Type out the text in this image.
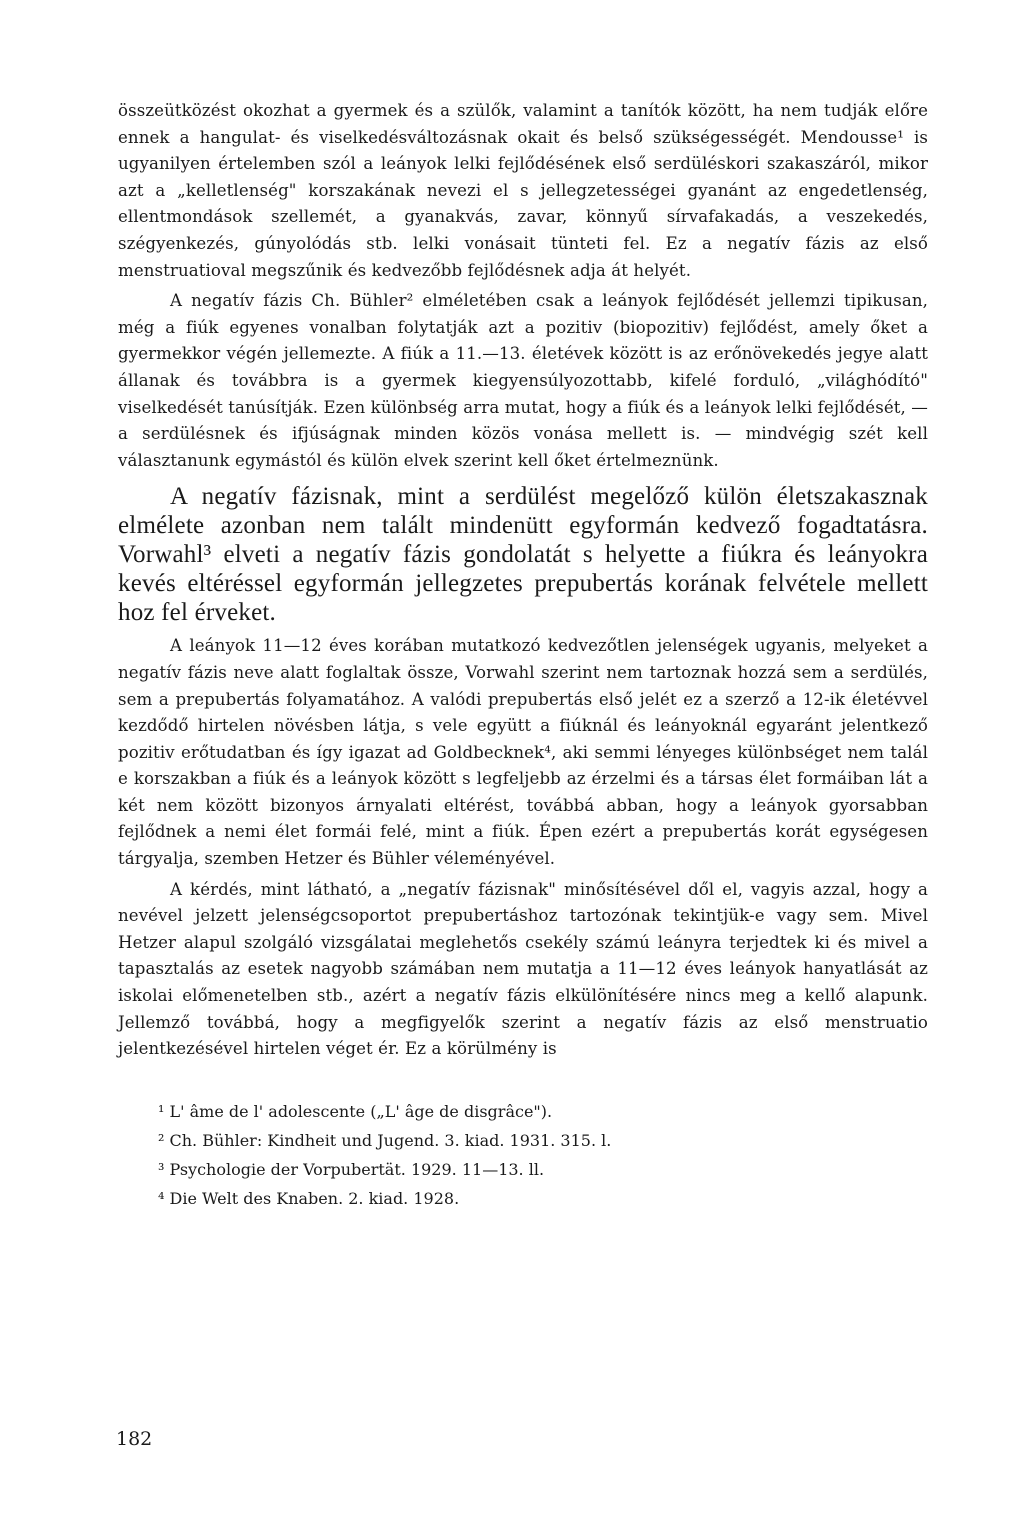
összeütközést okozhat a gyermek és a szülők, valamint a tanítók között, ha nem tudják előre ennek a hangulat- és viselkedésváltozásnak okait és belső szükségességét. Mendousse¹ is ugyanilyen értelemben szól a leányok lelki fejlődésének első serdüléskori szakaszáról, mikor azt a „kelletlenség" korszakának nevezi el s jellegzetességei gyanánt az engedetlenség, ellentmondások szellemét, a gyanakvás, zavar, könnyű sírvafakadás, a veszekedés, szégyenkezés, gúnyolódás stb. lelki vonásait tünteti fel. Ez a negatív fázis az első menstruatioval megszűnik és kedvezőbb fejlődésnek adja át helyét.

A negatív fázis Ch. Bühler² elméletében csak a leányok fejlődését jellemzi tipikusan, még a fiúk egyenes vonalban folytatják azt a pozitiv (biopozitiv) fejlődést, amely őket a gyermekkor végén jellemezte. A fiúk a 11.—13. életévek között is az erőnövekedés jegye alatt állanak és továbbra is a gyermek kiegyensúlyozottabb, kifelé forduló, „világhódító" viselkedését tanúsítják. Ezen különbség arra mutat, hogy a fiúk és a leányok lelki fejlődését, — a serdülésnek és ifjúságnak minden közös vonása mellett is. — mindvégig szét kell választanunk egymástól és külön elvek szerint kell őket értelmeznünk.

A negatív fázisnak, mint a serdülést megelőző külön életszakasznak elmélete azonban nem talált mindenütt egyformán kedvező fogadtatásra. Vorwahl³ elveti a negatív fázis gondolatát s helyette a fiúkra és leányokra kevés eltéréssel egyformán jellegzetes prepubertás korának felvétele mellett hoz fel érveket.

A leányok 11—12 éves korában mutatkozó kedvezőtlen jelenségek ugyanis, melyeket a negatív fázis neve alatt foglaltak össze, Vorwahl szerint nem tartoznak hozzá sem a serdülés, sem a prepubertás folyamatához. A valódi prepubertás első jelét ez a szerző a 12-ik életévvel kezdődő hirtelen növésben látja, s vele együtt a fiúknál és leányoknál egyaránt jelentkező pozitiv erőtudatban és így igazat ad Goldbecknek⁴, aki semmi lényeges különbséget nem talál e korszakban a fiúk és a leányok között s legfeljebb az érzelmi és a társas élet formáiban lát a két nem között bizonyos árnyalati eltérést, továbbá abban, hogy a leányok gyorsabban fejlődnek a nemi élet formái felé, mint a fiúk. Épen ezért a prepubertás korát egységesen tárgyalja, szemben Hetzer és Bühler véleményével.

A kérdés, mint látható, a „negatív fázisnak" minősítésével dől el, vagyis azzal, hogy a nevével jelzett jelenségcsoportot prepubertáshoz tartozónak tekintjük-e vagy sem. Mivel Hetzer alapul szolgáló vizsgálatai meglehetős csekély számú leányra terjedtek ki és mivel a tapasztalás az esetek nagyobb számában nem mutatja a 11—12 éves leányok hanyatlását az iskolai előmenetelben stb., azért a negatív fázis elkülönítésére nincs meg a kellő alapunk. Jellemző továbbá, hogy a megfigyelők szerint a negatív fázis az első menstruatio jelentkezésével hirtelen véget ér. Ez a körülmény is

¹ L' âme de l' adolescente („L' âge de disgrâce").

² Ch. Bühler: Kindheit und Jugend. 3. kiad. 1931. 315. l.

³ Psychologie der Vorpubertät. 1929. 11—13. ll.

⁴ Die Welt des Knaben. 2. kiad. 1928.

182
